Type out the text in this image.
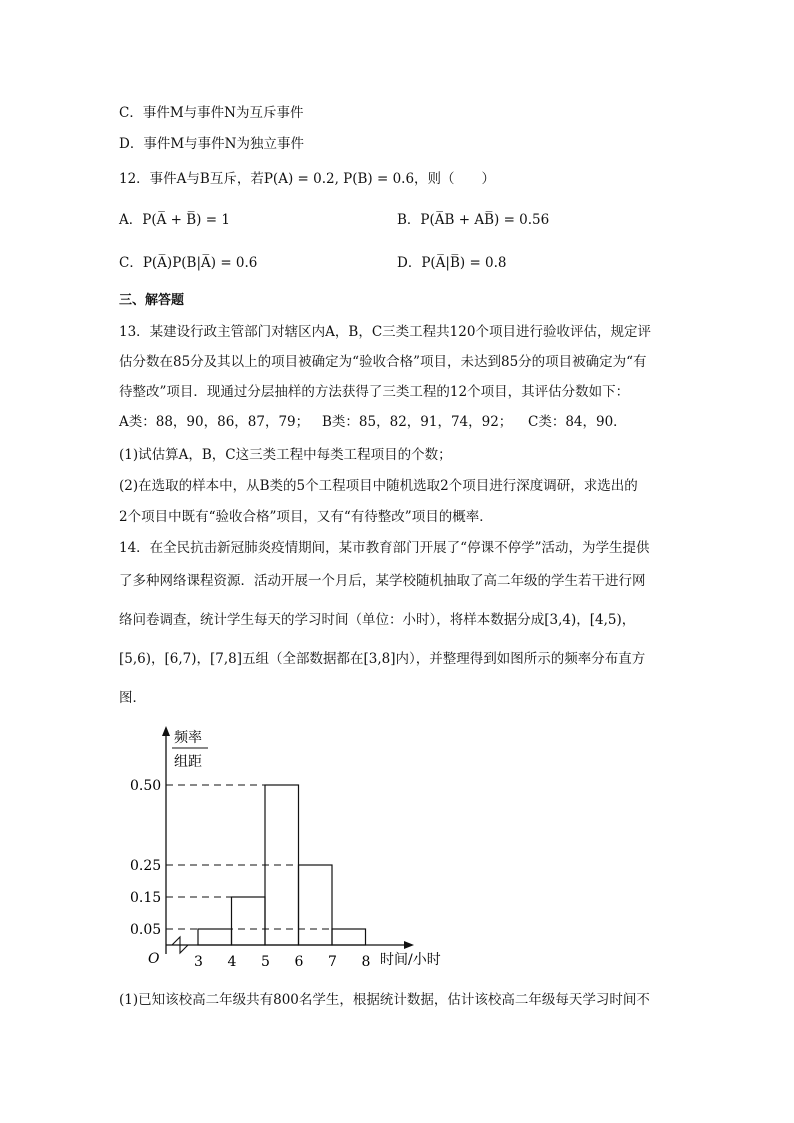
C．事件M与事件N为互斥事件
D．事件M与事件N为独立事件
12．事件A与B互斥，若P(A) = 0.2, P(B) = 0.6，则（　　）
A．P(A̅ + B̅) = 1	B．P(A̅B + AB̅) = 0.56
C．P(A̅)P(B|A̅) = 0.6	D．P(A̅|B̅) = 0.8
三、解答题
13．某建设行政主管部门对辖区内A，B，C三类工程共120个项目进行验收评估，规定评
估分数在85分及其以上的项目被确定为“验收合格”项目，未达到85分的项目被确定为“有
待整改”项目．现通过分层抽样的方法获得了三类工程的12个项目，其评估分数如下：
A类：88，90，86，87，79； B类：85，82，91，74，92； C类：84，90．
(1)试估算A，B，C这三类工程中每类工程项目的个数；
(2)在选取的样本中，从B类的5个工程项目中随机选取2个项目进行深度调研，求选出的
2个项目中既有“验收合格”项目，又有“有待整改”项目的概率．
14．在全民抗击新冠肺炎疫情期间，某市教育部门开展了“停课不停学”活动，为学生提供
了多种网络课程资源．活动开展一个月后，某学校随机抽取了高二年级的学生若干进行网
络问卷调查，统计学生每天的学习时间（单位：小时），将样本数据分成[3,4)，[4,5)，
[5,6)，[6,7)，[7,8]五组（全部数据都在[3,8]内），并整理得到如图所示的频率分布直方
图．
频率
组距
O	时间/小时
0.05
0.15
0.25
0.50
3 4 5 6 7 8
(1)已知该校高二年级共有800名学生，根据统计数据，估计该校高二年级每天学习时间不
